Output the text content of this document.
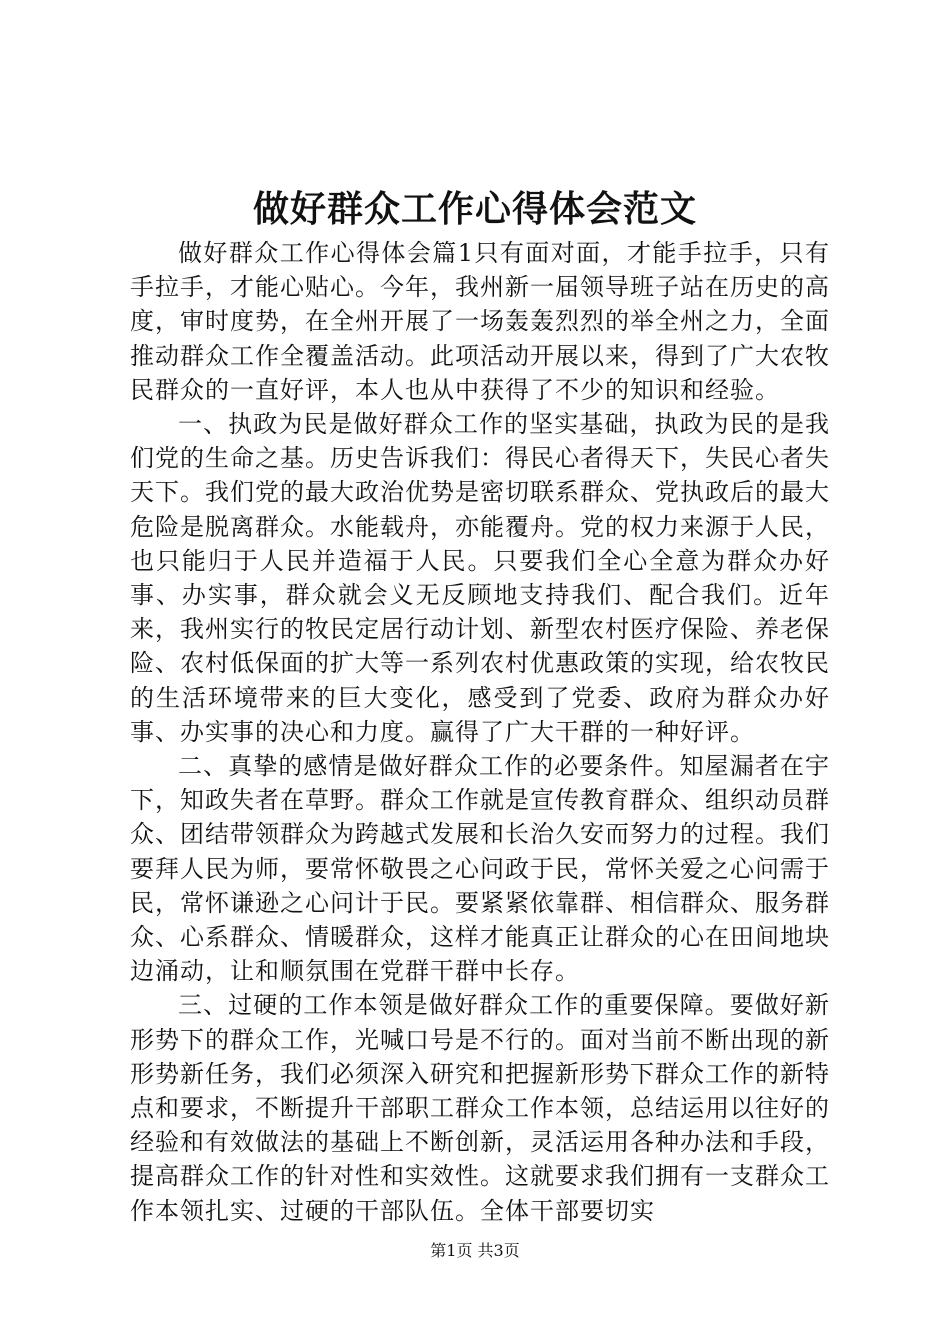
做好群众工作心得体会范文

做好群众工作心得体会篇1只有面对面，才能手拉手，只有手拉手，才能心贴心。今年，我州新一届领导班子站在历史的高度，审时度势，在全州开展了一场轰轰烈烈的举全州之力，全面推动群众工作全覆盖活动。此项活动开展以来，得到了广大农牧民群众的一直好评，本人也从中获得了不少的知识和经验。

一、执政为民是做好群众工作的坚实基础，执政为民的是我们党的生命之基。历史告诉我们：得民心者得天下，失民心者失天下。我们党的最大政治优势是密切联系群众、党执政后的最大危险是脱离群众。水能载舟，亦能覆舟。党的权力来源于人民，也只能归于人民并造福于人民。只要我们全心全意为群众办好事、办实事，群众就会义无反顾地支持我们、配合我们。近年来，我州实行的牧民定居行动计划、新型农村医疗保险、养老保险、农村低保面的扩大等一系列农村优惠政策的实现，给农牧民的生活环境带来的巨大变化，感受到了党委、政府为群众办好事、办实事的决心和力度。赢得了广大干群的一种好评。

二、真挚的感情是做好群众工作的必要条件。知屋漏者在宇下，知政失者在草野。群众工作就是宣传教育群众、组织动员群众、团结带领群众为跨越式发展和长治久安而努力的过程。我们要拜人民为师，要常怀敬畏之心问政于民，常怀关爱之心问需于民，常怀谦逊之心问计于民。要紧紧依靠群、相信群众、服务群众、心系群众、情暖群众，这样才能真正让群众的心在田间地块边涌动，让和顺氛围在党群干群中长存。

三、过硬的工作本领是做好群众工作的重要保障。要做好新形势下的群众工作，光喊口号是不行的。面对当前不断出现的新形势新任务，我们必须深入研究和把握新形势下群众工作的新特点和要求，不断提升干部职工群众工作本领，总结运用以往好的经验和有效做法的基础上不断创新，灵活运用各种办法和手段，提高群众工作的针对性和实效性。这就要求我们拥有一支群众工作本领扎实、过硬的干部队伍。全体干部要切实

第1页 共3页
